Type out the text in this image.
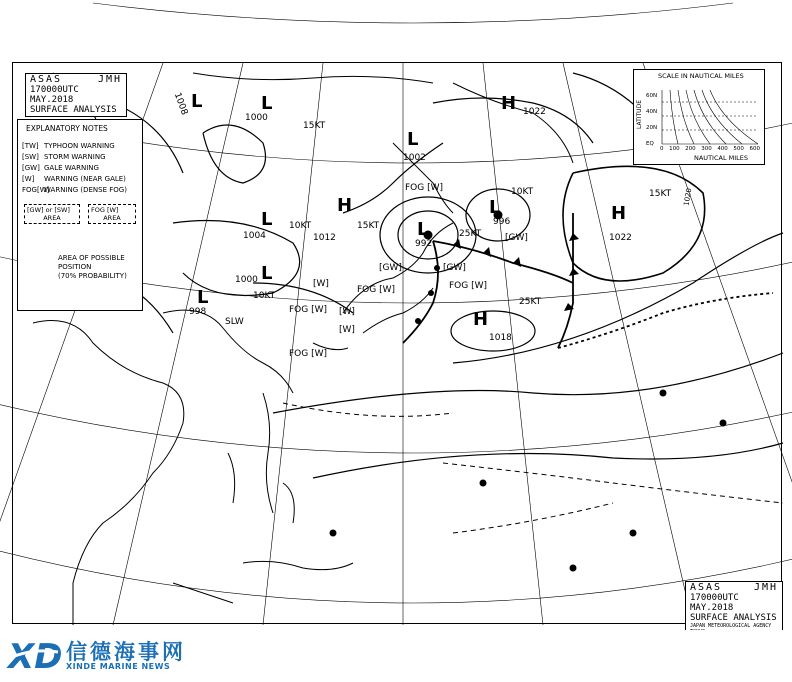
ASAS	JMH
170000UTC MAY.2018
SURFACE ANALYSIS
EXPLANATORY NOTES
[TW] TYPHOON WARNING
[SW] STORM WARNING
[GW] GALE WARNING
[W] WARNING (NEAR GALE)
FOG[W]WARNING (DENSE FOG)
[GW] or [SW]
AREA
FOG [W]
AREA
AREA OF POSSIBLE
POSITION
(70% PROBABILITY)
SCALE IN NAUTICAL MILES
LATITUDE
60N
40N
20N
EQ
0 100 200 300 400 500 600
NAUTICAL MILES
L
992
25KT
L
996
10KT
H
1022
15KT
H
1018
25KT
H
1012
15KT
L
1004
10KT
L
1000
10KT
L
998
SLW
H 1022
L
1002
L
1000
15KT
L
1008
[GW]
[GW]	[GW]
FOG [W]
FOG [W]
FOG [W]
FOG [W]
FOG [W]
[W]
[W]
[W]
1020
ASAS	JMH
170000UTC MAY.2018
SURFACE ANALYSIS
JAPAN METEOROLOGICAL AGENCY
XD 信德海事网
XINDE MARINE NEWS
